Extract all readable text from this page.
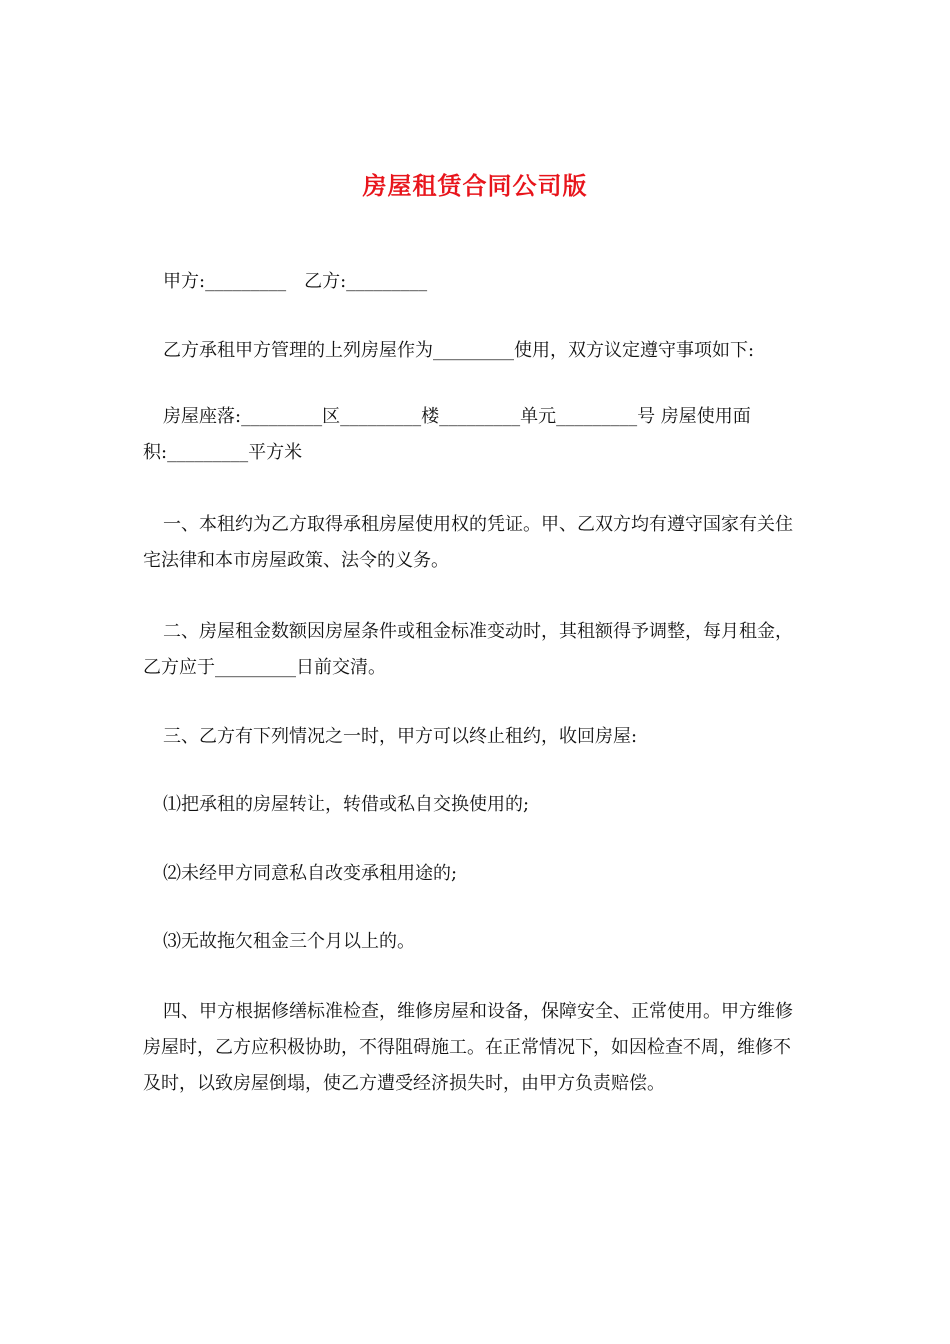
房屋租赁合同公司版

甲方:_________　乙方:_________

乙方承租甲方管理的上列房屋作为_________使用，双方议定遵守事项如下:

房屋座落:_________区_________楼_________单元_________号 房屋使用面积:_________平方米

一、本租约为乙方取得承租房屋使用权的凭证。甲、乙双方均有遵守国家有关住宅法律和本市房屋政策、法令的义务。

二、房屋租金数额因房屋条件或租金标准变动时，其租额得予调整，每月租金，乙方应于_________日前交清。

三、乙方有下列情况之一时，甲方可以终止租约，收回房屋:

⑴把承租的房屋转让，转借或私自交换使用的;

⑵未经甲方同意私自改变承租用途的;

⑶无故拖欠租金三个月以上的。

四、甲方根据修缮标准检查，维修房屋和设备，保障安全、正常使用。甲方维修房屋时，乙方应积极协助，不得阻碍施工。在正常情况下，如因检查不周，维修不及时，以致房屋倒塌，使乙方遭受经济损失时，由甲方负责赔偿。
